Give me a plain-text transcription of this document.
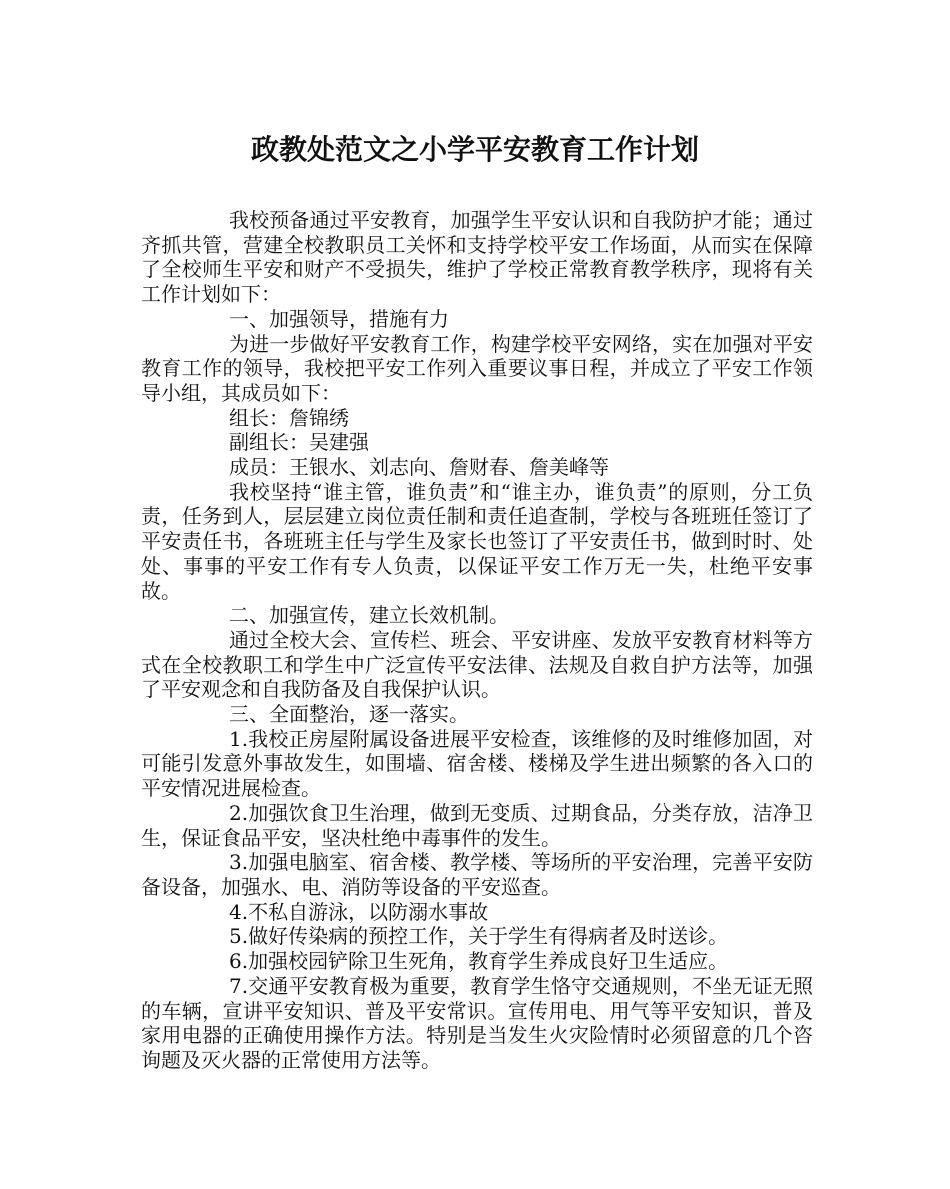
政教处范文之小学平安教育工作计划

我校预备通过平安教育，加强学生平安认识和自我防护才能；通过齐抓共管，营建全校教职员工关怀和支持学校平安工作场面，从而实在保障了全校师生平安和财产不受损失，维护了学校正常教育教学秩序，现将有关工作计划如下：

一、加强领导，措施有力

为进一步做好平安教育工作，构建学校平安网络，实在加强对平安教育工作的领导，我校把平安工作列入重要议事日程，并成立了平安工作领导小组，其成员如下：

组长：詹锦绣

副组长：吴建强

成员：王银水、刘志向、詹财春、詹美峰等

我校坚持“谁主管，谁负责”和“谁主办，谁负责”的原则，分工负责，任务到人，层层建立岗位责任制和责任追查制，学校与各班班任签订了平安责任书，各班班主任与学生及家长也签订了平安责任书，做到时时、处处、事事的平安工作有专人负责，以保证平安工作万无一失，杜绝平安事故。

二、加强宣传，建立长效机制。

通过全校大会、宣传栏、班会、平安讲座、发放平安教育材料等方式在全校教职工和学生中广泛宣传平安法律、法规及自救自护方法等，加强了平安观念和自我防备及自我保护认识。

三、全面整治，逐一落实。

1.我校正房屋附属设备进展平安检查，该维修的及时维修加固，对可能引发意外事故发生，如围墙、宿舍楼、楼梯及学生进出频繁的各入口的平安情况进展检查。

2.加强饮食卫生治理，做到无变质、过期食品，分类存放，洁净卫生，保证食品平安，坚决杜绝中毒事件的发生。

3.加强电脑室、宿舍楼、教学楼、等场所的平安治理，完善平安防备设备，加强水、电、消防等设备的平安巡查。

4.不私自游泳，以防溺水事故

5.做好传染病的预控工作，关于学生有得病者及时送诊。

6.加强校园铲除卫生死角，教育学生养成良好卫生适应。

7.交通平安教育极为重要，教育学生恪守交通规则，不坐无证无照的车辆，宣讲平安知识、普及平安常识。宣传用电、用气等平安知识，普及家用电器的正确使用操作方法。特别是当发生火灾险情时必须留意的几个咨询题及灭火器的正常使用方法等。
